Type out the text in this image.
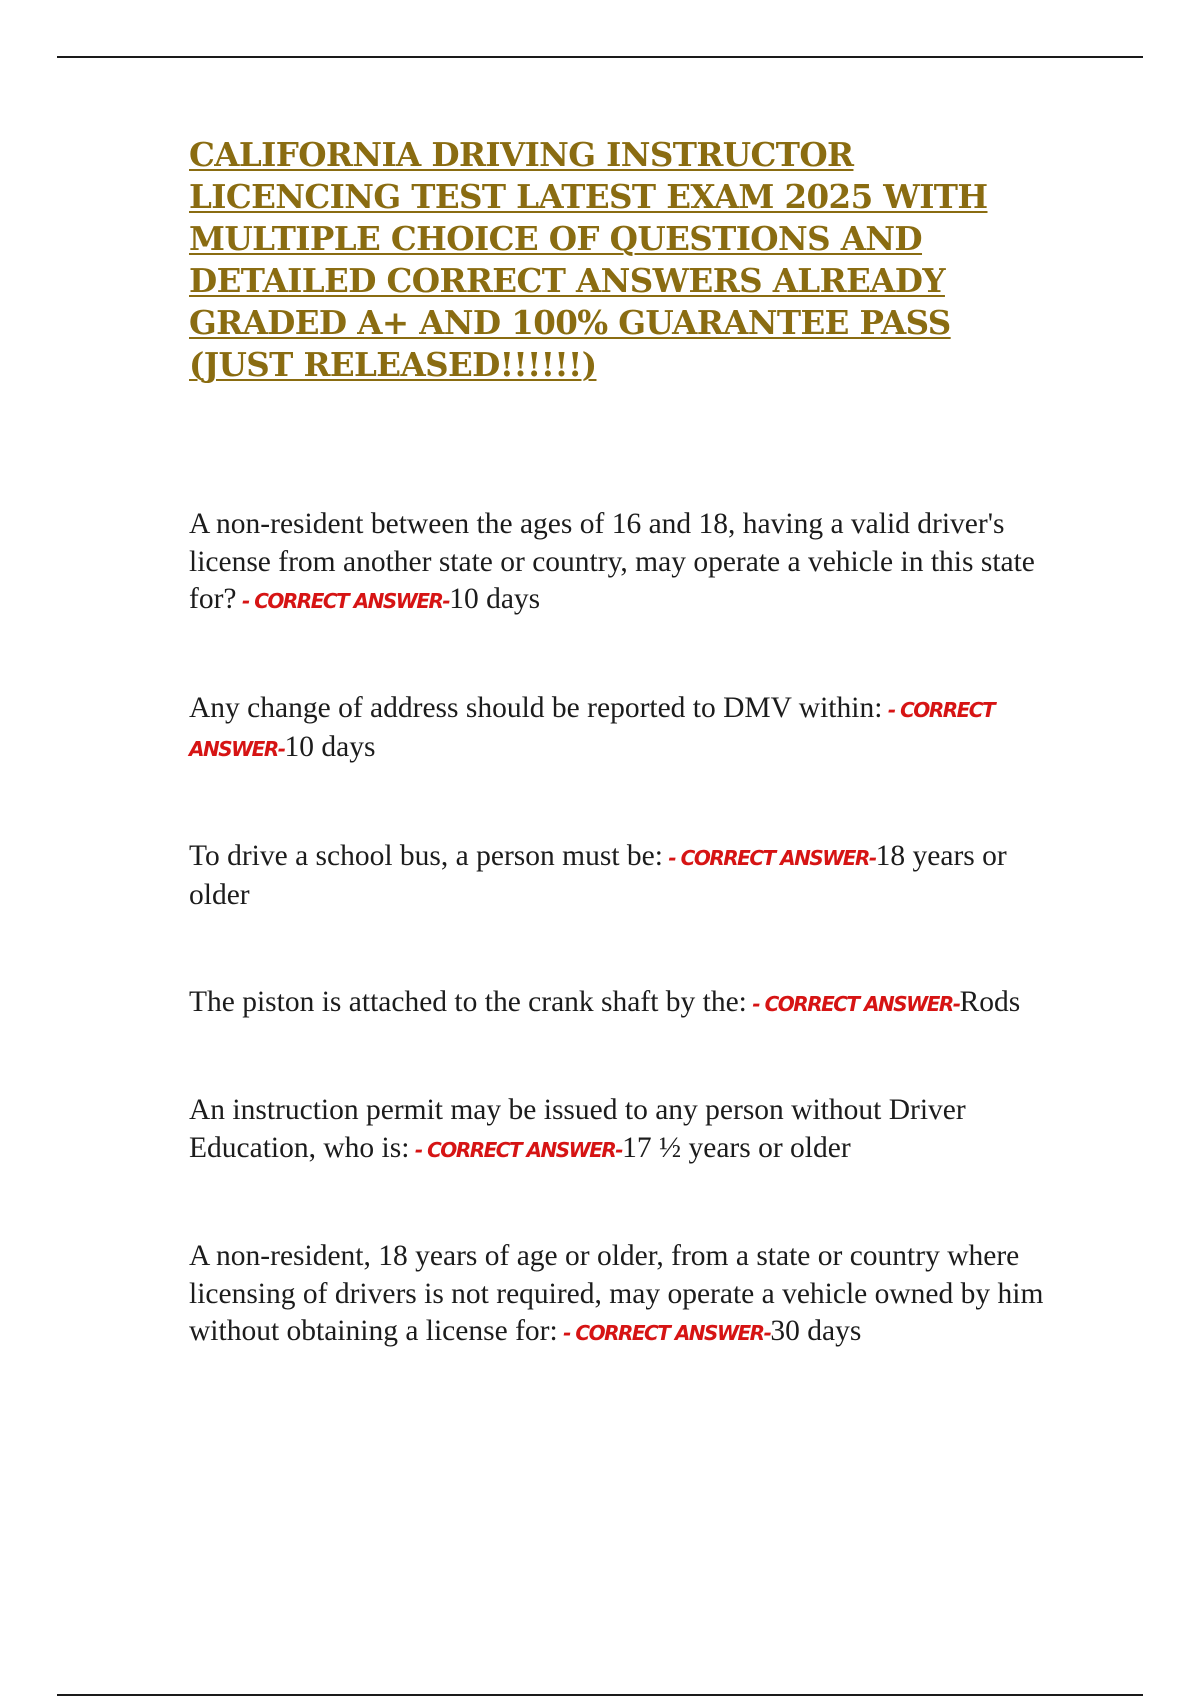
CALIFORNIA DRIVING INSTRUCTOR LICENCING TEST LATEST EXAM 2025 WITH MULTIPLE CHOICE OF QUESTIONS AND DETAILED CORRECT ANSWERS ALREADY GRADED A+ AND 100% GUARANTEE PASS (JUST RELEASED!!!!!!)
A non-resident between the ages of 16 and 18, having a valid driver's license from another state or country, may operate a vehicle in this state for? - CORRECT ANSWER-10 days
Any change of address should be reported to DMV within: - CORRECT ANSWER-10 days
To drive a school bus, a person must be: - CORRECT ANSWER-18 years or older
The piston is attached to the crank shaft by the: - CORRECT ANSWER-Rods
An instruction permit may be issued to any person without Driver Education, who is: - CORRECT ANSWER-17 ½ years or older
A non-resident, 18 years of age or older, from a state or country where licensing of drivers is not required, may operate a vehicle owned by him without obtaining a license for: - CORRECT ANSWER-30 days
